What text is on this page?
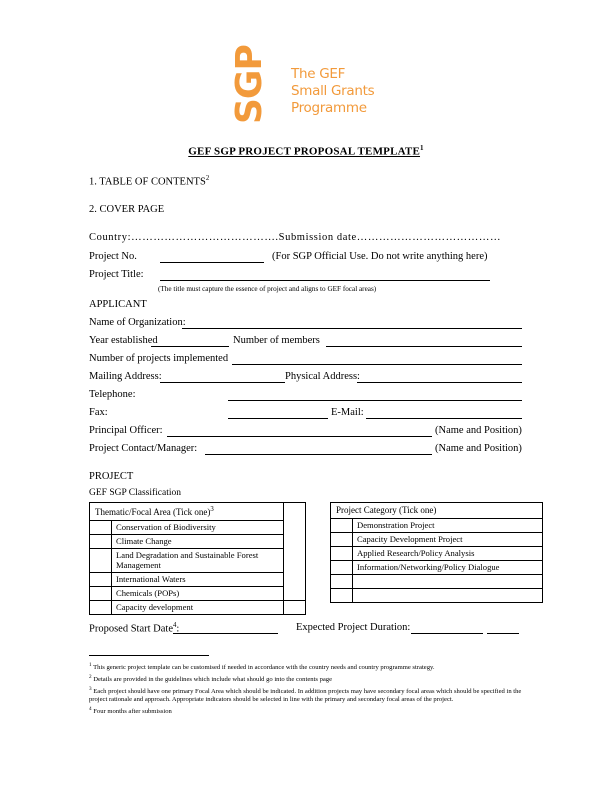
SGP	The GEF
Small Grants
Programme
GEF SGP PROJECT PROPOSAL TEMPLATE$^1$
1. TABLE OF CONTENTS$^2$
2. COVER PAGE
Country:………………………………….Submission date…………………………………
Project No.	(For SGP Official Use. Do not write anything here)
Project Title:
(The title must capture the essence of project and aligns to GEF focal areas)
APPLICANT
Name of Organization:
Year established	Number of members
Number of projects implemented
Mailing Address:	Physical Address:
Telephone:
Fax:	E-Mail:
Principal Officer:	(Name and Position)
Project Contact/Manager:	(Name and Position)
PROJECT
GEF SGP Classification
Thematic/Focal Area (Tick one)$^3$	
	Conservation of Biodiversity	
	Climate Change	
	Land Degradation and Sustainable Forest Management	
	International Waters	
	Chemicals (POPs)	
	Capacity development	
Project Category (Tick one)	
	Demonstration Project
	Capacity Development Project
	Applied Research/Policy Analysis
	Information/Networking/Policy Dialogue

Proposed Start Date$^4$:	Expected Project Duration:

$^1$ This generic project template can be customised if needed in accordance with the country needs and country programme strategy.

$^2$ Details are provided in the guidelines which include what should go into the contents page

$^3$ Each project should have one primary Focal Area which should be indicated. In addition projects may have secondary focal areas which should be specified in the project rationale and approach. Appropriate indicators should be selected in line with the primary and secondary focal areas of the project.

$^4$ Four months after submission
